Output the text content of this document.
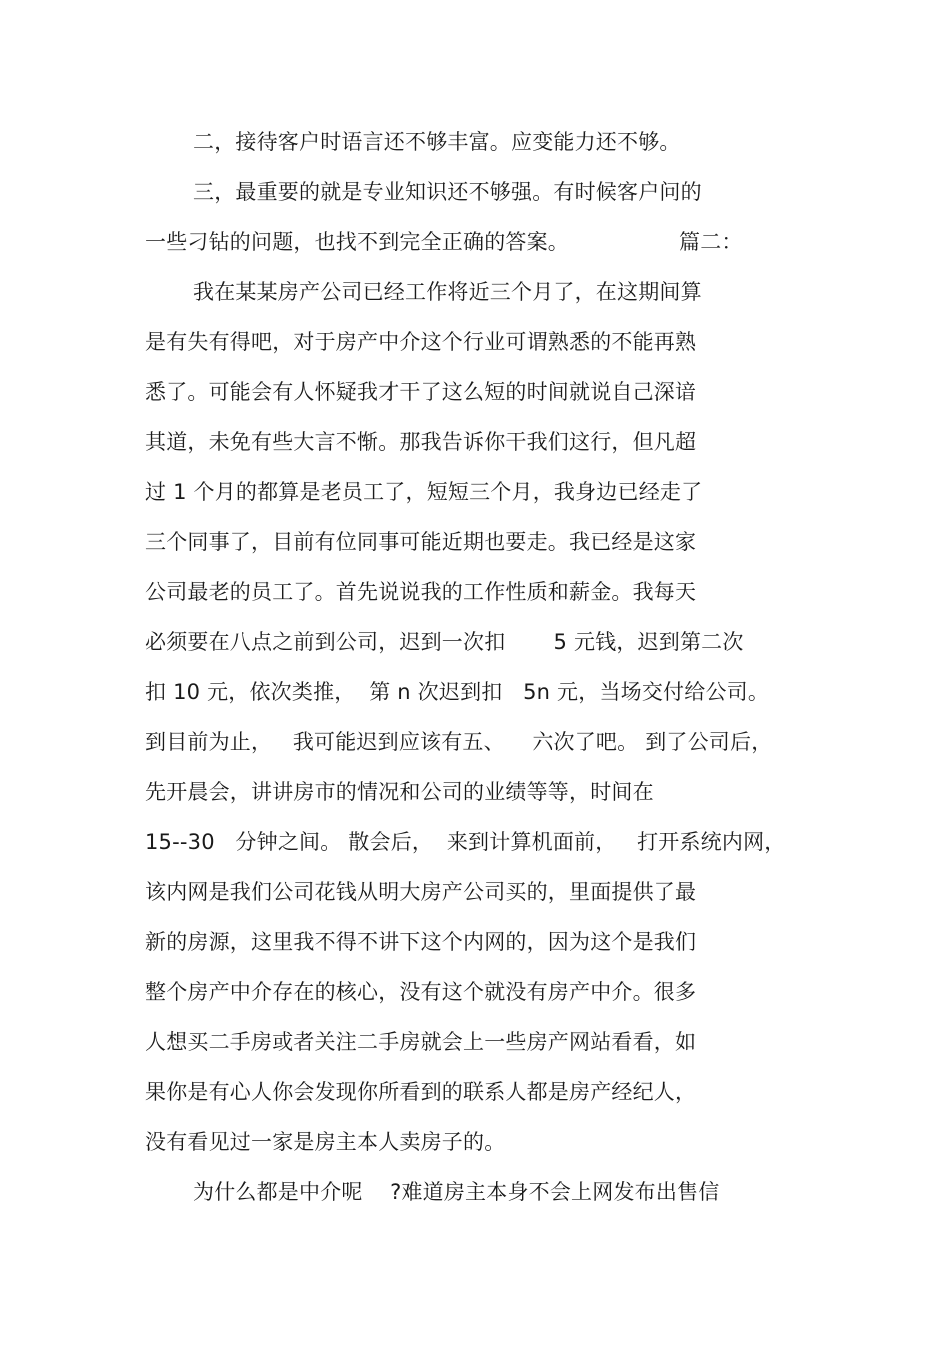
二，接待客户时语言还不够丰富。应变能力还不够。
三，最重要的就是专业知识还不够强。有时候客户问的
一些刁钻的问题，也找不到完全正确的答案。                篇二：
我在某某房产公司已经工作将近三个月了，在这期间算
是有失有得吧，对于房产中介这个行业可谓熟悉的不能再熟
悉了。可能会有人怀疑我才干了这么短的时间就说自己深谙
其道，未免有些大言不惭。那我告诉你干我们这行，但凡超
过 1 个月的都算是老员工了，短短三个月，我身边已经走了
三个同事了，目前有位同事可能近期也要走。我已经是这家
公司最老的员工了。首先说说我的工作性质和薪金。我每天
必须要在八点之前到公司，迟到一次扣       5 元钱，迟到第二次
扣 10 元，依次类推，  第 n 次迟到扣   5n 元，当场交付给公司。
到目前为止，   我可能迟到应该有五、    六次了吧。 到了公司后，
先开晨会，讲讲房市的情况和公司的业绩等等，时间在
15--30   分钟之间。 散会后，  来到计算机面前，   打开系统内网，
该内网是我们公司花钱从明大房产公司买的，里面提供了最
新的房源，这里我不得不讲下这个内网的，因为这个是我们
整个房产中介存在的核心，没有这个就没有房产中介。很多
人想买二手房或者关注二手房就会上一些房产网站看看，如
果你是有心人你会发现你所看到的联系人都是房产经纪人，
没有看见过一家是房主本人卖房子的。
为什么都是中介呢    ?难道房主本身不会上网发布出售信
